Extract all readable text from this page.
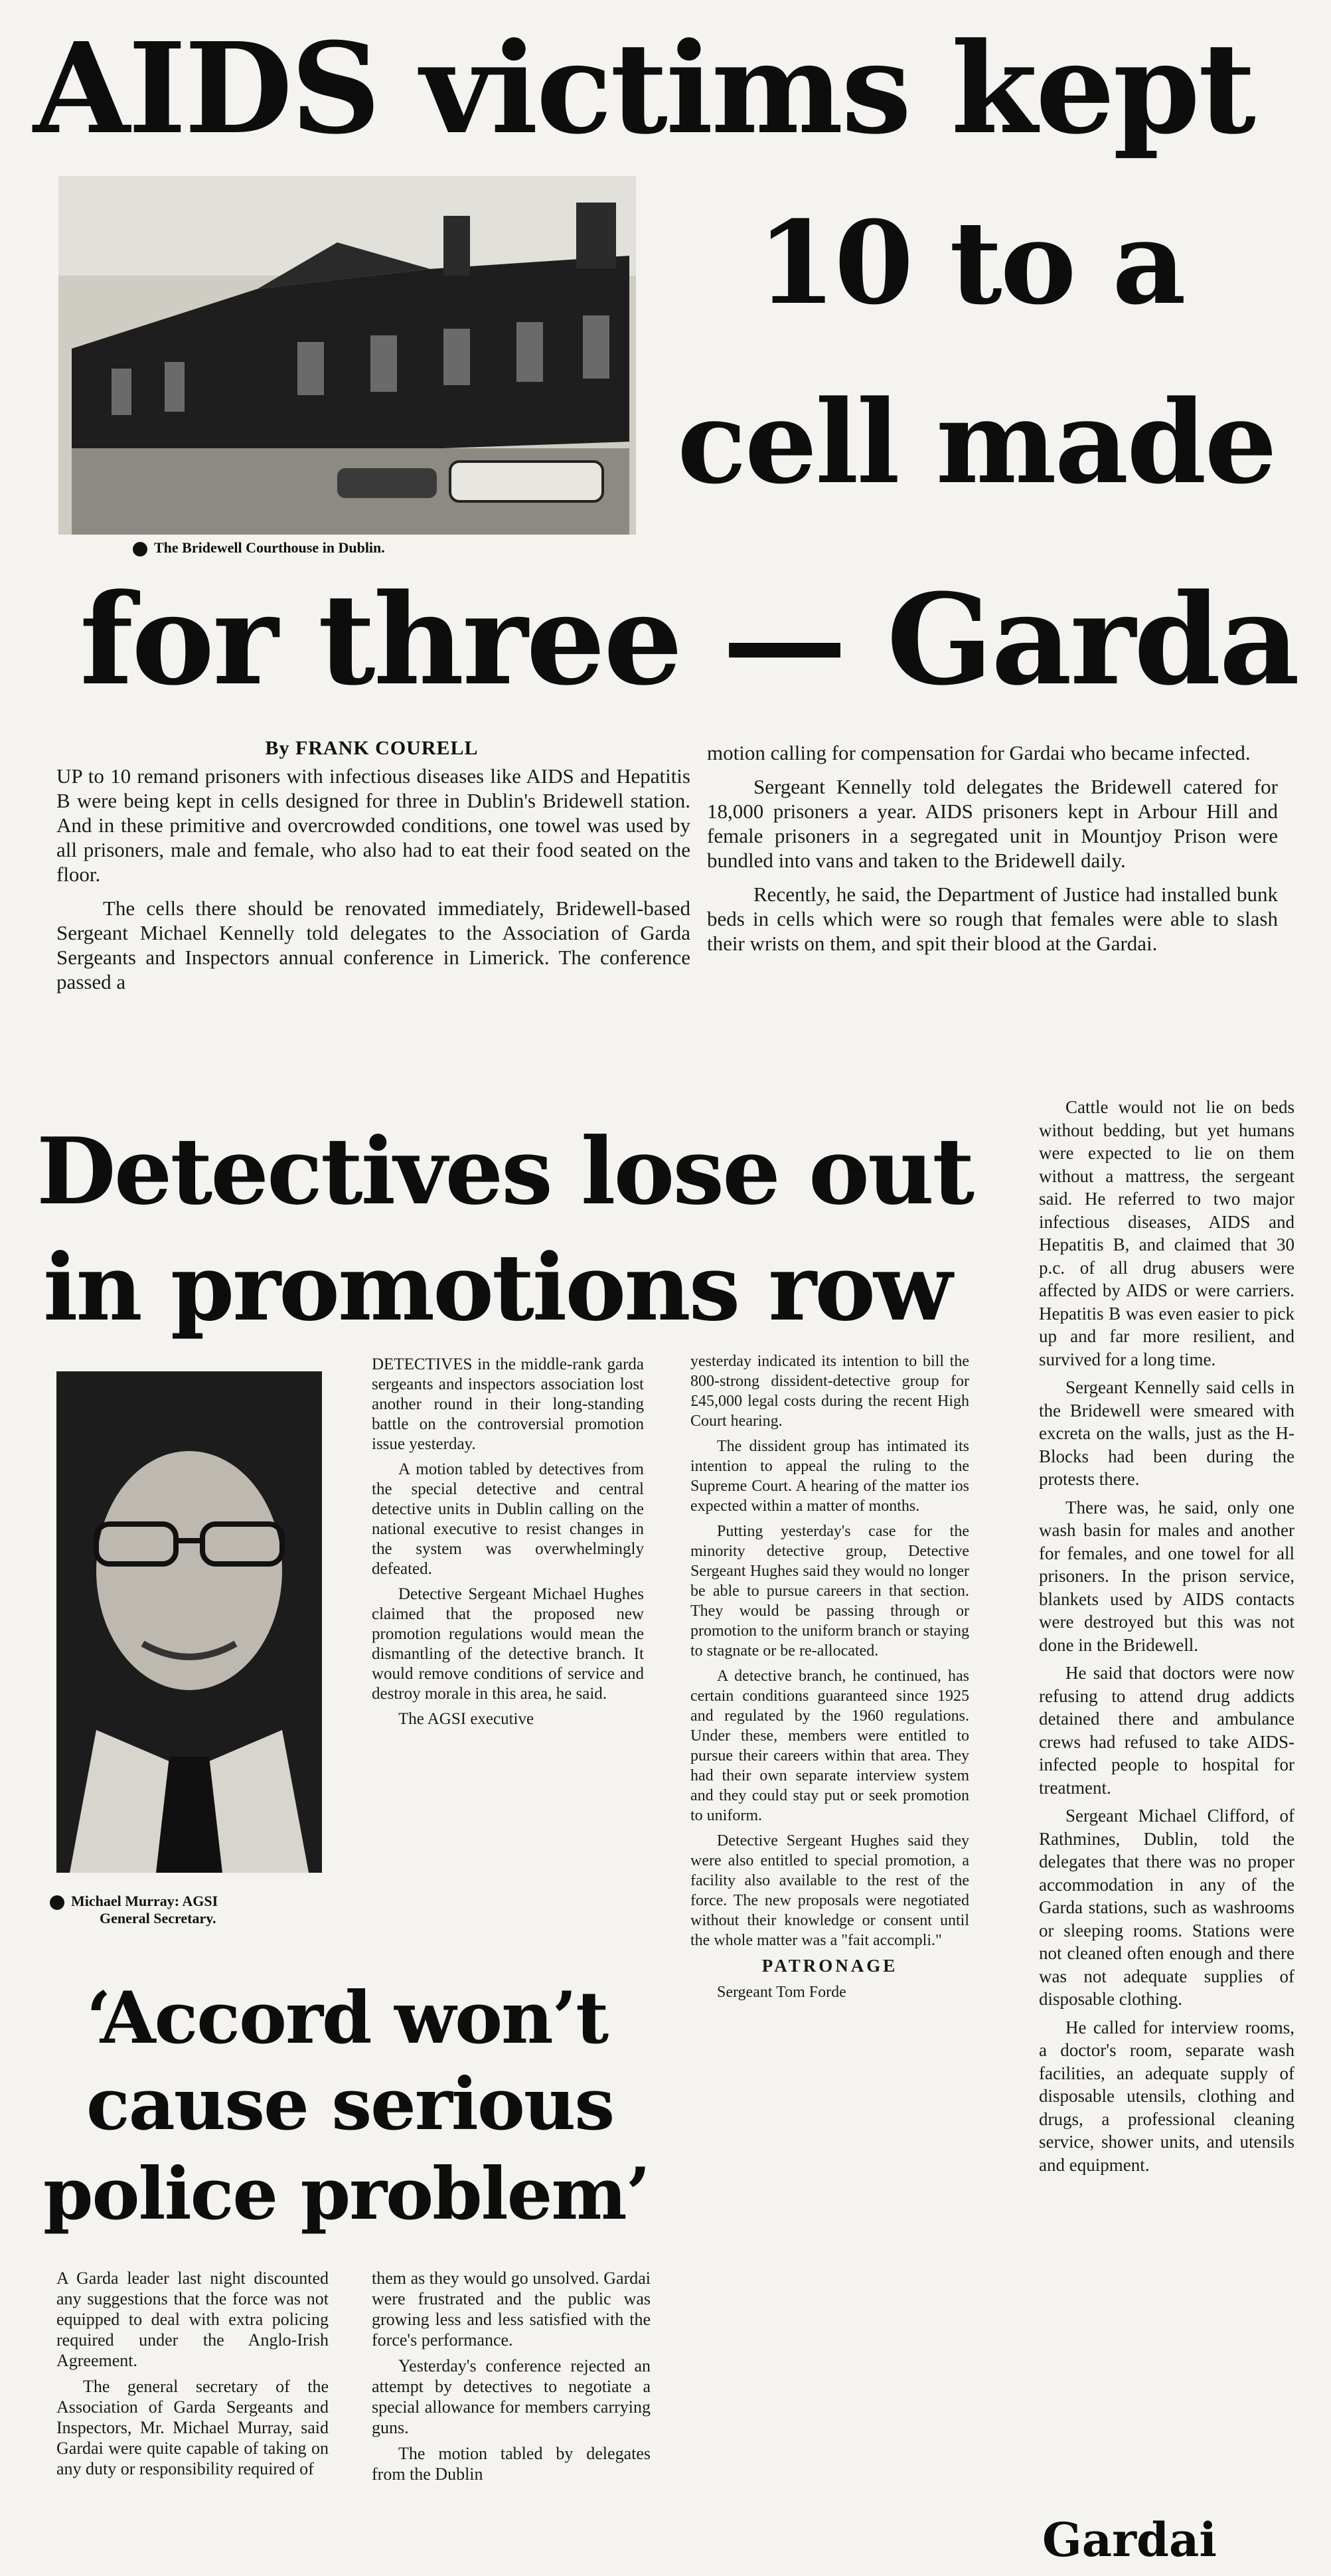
AIDS victims kept
The Bridewell Courthouse in Dublin.
10 to a
cell made
for three — Garda
By FRANK COURELL

UP to 10 remand prisoners with infectious diseases like AIDS and Hepatitis B were being kept in cells designed for three in Dublin's Bridewell station. And in these primitive and overcrowded conditions, one towel was used by all prisoners, male and female, who also had to eat their food seated on the floor.

The cells there should be renovated immediately, Bridewell-based Sergeant Michael Kennelly told delegates to the Association of Garda Sergeants and Inspectors annual conference in Limerick. The conference passed a

motion calling for compensation for Gardai who became infected.

Sergeant Kennelly told delegates the Bridewell catered for 18,000 prisoners a year. AIDS prisoners kept in Arbour Hill and female prisoners in a segregated unit in Mountjoy Prison were bundled into vans and taken to the Bridewell daily.

Recently, he said, the Department of Justice had installed bunk beds in cells which were so rough that females were able to slash their wrists on them, and spit their blood at the Gardai.

Cattle would not lie on beds without bedding, but yet humans were expected to lie on them without a mattress, the sergeant said. He referred to two major infectious diseases, AIDS and Hepatitis B, and claimed that 30 p.c. of all drug abusers were affected by AIDS or were carriers. Hepatitis B was even easier to pick up and far more resilient, and survived for a long time.

Sergeant Kennelly said cells in the Bridewell were smeared with excreta on the walls, just as the H-Blocks had been during the protests there.

There was, he said, only one wash basin for males and another for females, and one towel for all prisoners. In the prison service, blankets used by AIDS contacts were destroyed but this was not done in the Bridewell.

He said that doctors were now refusing to attend drug addicts detained there and ambulance crews had refused to take AIDS-infected people to hospital for treatment.

Sergeant Michael Clifford, of Rathmines, Dublin, told the delegates that there was no proper accommodation in any of the Garda stations, such as washrooms or sleeping rooms. Stations were not cleaned often enough and there was not adequate supplies of disposable clothing.

He called for interview rooms, a doctor's room, separate wash facilities, an adequate supply of disposable utensils, clothing and drugs, a professional cleaning service, shower units, and utensils and equipment.

Gardai
Detectives lose out
in promotions row
Michael Murray: AGSI
General Secretary.

DETECTIVES in the middle-rank garda sergeants and inspectors association lost another round in their long-standing battle on the controversial promotion issue yesterday.

A motion tabled by detectives from the special detective and central detective units in Dublin calling on the national executive to resist changes in the system was overwhelmingly defeated.

Detective Sergeant Michael Hughes claimed that the proposed new promotion regulations would mean the dismantling of the detective branch. It would remove conditions of service and destroy morale in this area, he said.

The AGSI executive

yesterday indicated its intention to bill the 800-strong dissident-detective group for £45,000 legal costs during the recent High Court hearing.

The dissident group has intimated its intention to appeal the ruling to the Supreme Court. A hearing of the matter ios expected within a matter of months.

Putting yesterday's case for the minority detective group, Detective Sergeant Hughes said they would no longer be able to pursue careers in that section. They would be passing through or promotion to the uniform branch or staying to stagnate or be re-allocated.

A detective branch, he continued, has certain conditions guaranteed since 1925 and regulated by the 1960 regulations. Under these, members were entitled to pursue their careers within that area. They had their own separate interview system and they could stay put or seek promotion to uniform.

Detective Sergeant Hughes said they were also entitled to special promotion, a facility also available to the rest of the force. The new proposals were negotiated without their knowledge or consent until the whole matter was a "fait accompli."

PATRONAGE

Sergeant Tom Forde

‘Accord won’t
cause serious
police problem’

A Garda leader last night discounted any suggestions that the force was not equipped to deal with extra policing required under the Anglo-Irish Agreement.

The general secretary of the Association of Garda Sergeants and Inspectors, Mr. Michael Murray, said Gardai were quite capable of taking on any duty or responsibility required of

them as they would go unsolved. Gardai were frustrated and the public was growing less and less satisfied with the force's performance.

Yesterday's conference rejected an attempt by detectives to negotiate a special allowance for members carrying guns.

The motion tabled by delegates from the Dublin
